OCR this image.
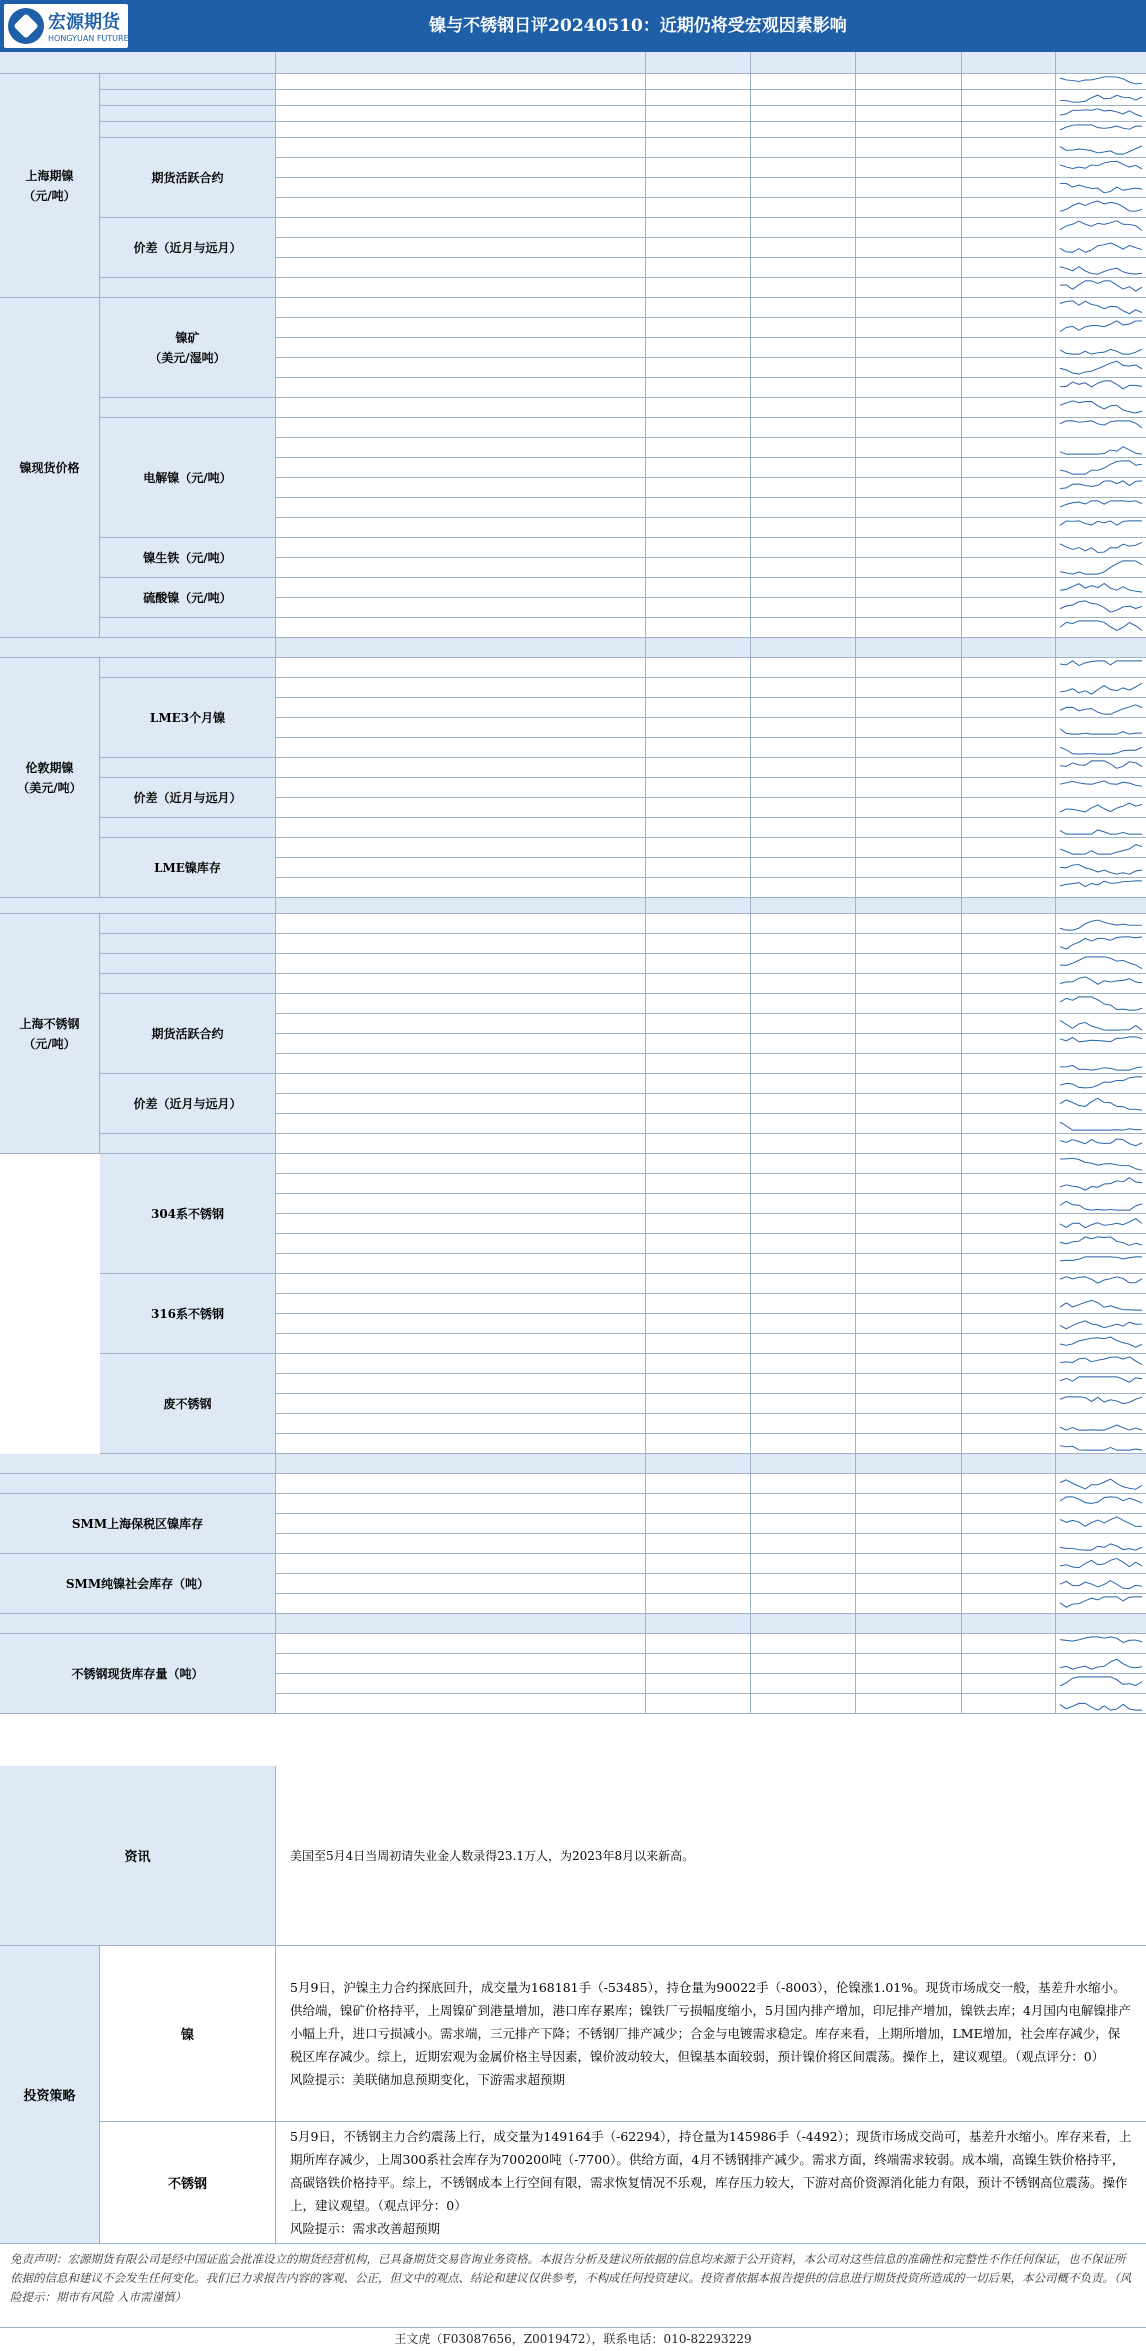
宏源期货
HONGYUAN FUTURES
镍与不锈钢日评20240510：近期仍将受宏观因素影响
上海期镍
（元/吨）
镍现货价格
伦敦期镍
（美元/吨）
上海不锈钢
（元/吨）
期货活跃合约
价差（近月与远月）
镍矿
（美元/湿吨）
电解镍（元/吨）
镍生铁（元/吨）
硫酸镍（元/吨）
LME3个月镍
价差（近月与远月）
LME镍库存
期货活跃合约
价差（近月与远月）
304系不锈钢
316系不锈钢
废不锈钢
SMM上海保税区镍库存
SMM纯镍社会库存（吨）
不锈钢现货库存量（吨）
资讯	美国至5月4日当周初请失业金人数录得23.1万人，为2023年8月以来新高。
投资策略
镍
5月9日，沪镍主力合约探底回升，成交量为168181手（-53485），持仓量为90022手（-8003），伦镍涨1.01%。现货市场成交一般，基差升水缩小。供给端，镍矿价格持平，上周镍矿到港量增加，港口库存累库；镍铁厂亏损幅度缩小，5月国内排产增加，印尼排产增加，镍铁去库；4月国内电解镍排产小幅上升，进口亏损减小。需求端，三元排产下降；不锈钢厂排产减少；合金与电镀需求稳定。库存来看，上期所增加，LME增加，社会库存减少，保税区库存减少。综上，近期宏观为金属价格主导因素，镍价波动较大，但镍基本面较弱，预计镍价将区间震荡。操作上，建议观望。（观点评分：0）
风险提示：美联储加息预期变化，下游需求超预期
不锈钢
5月9日，不锈钢主力合约震荡上行，成交量为149164手（-62294），持仓量为145986手（-4492）；现货市场成交尚可，基差升水缩小。库存来看，上期所库存减少，上周300系社会库存为700200吨（-7700）。供给方面，4月不锈钢排产减少。需求方面，终端需求较弱。成本端，高镍生铁价格持平，高碳铬铁价格持平。综上，不锈钢成本上行空间有限，需求恢复情况不乐观，库存压力较大，下游对高价资源消化能力有限，预计不锈钢高位震荡。操作上，建议观望。（观点评分：0）
风险提示：需求改善超预期
免责声明：宏源期货有限公司是经中国证监会批准设立的期货经营机构，已具备期货交易咨询业务资格。本报告分析及建议所依据的信息均来源于公开资料，本公司对这些信息的准确性和完整性不作任何保证，也不保证所依据的信息和建议不会发生任何变化。我们已力求报告内容的客观、公正，但文中的观点、结论和建议仅供参考，不构成任何投资建议。投资者依据本报告提供的信息进行期货投资所造成的一切后果，本公司概不负责。（风险提示：期市有风险 入市需谨慎）
王文虎（F03087656，Z0019472），联系电话：010-82293229
